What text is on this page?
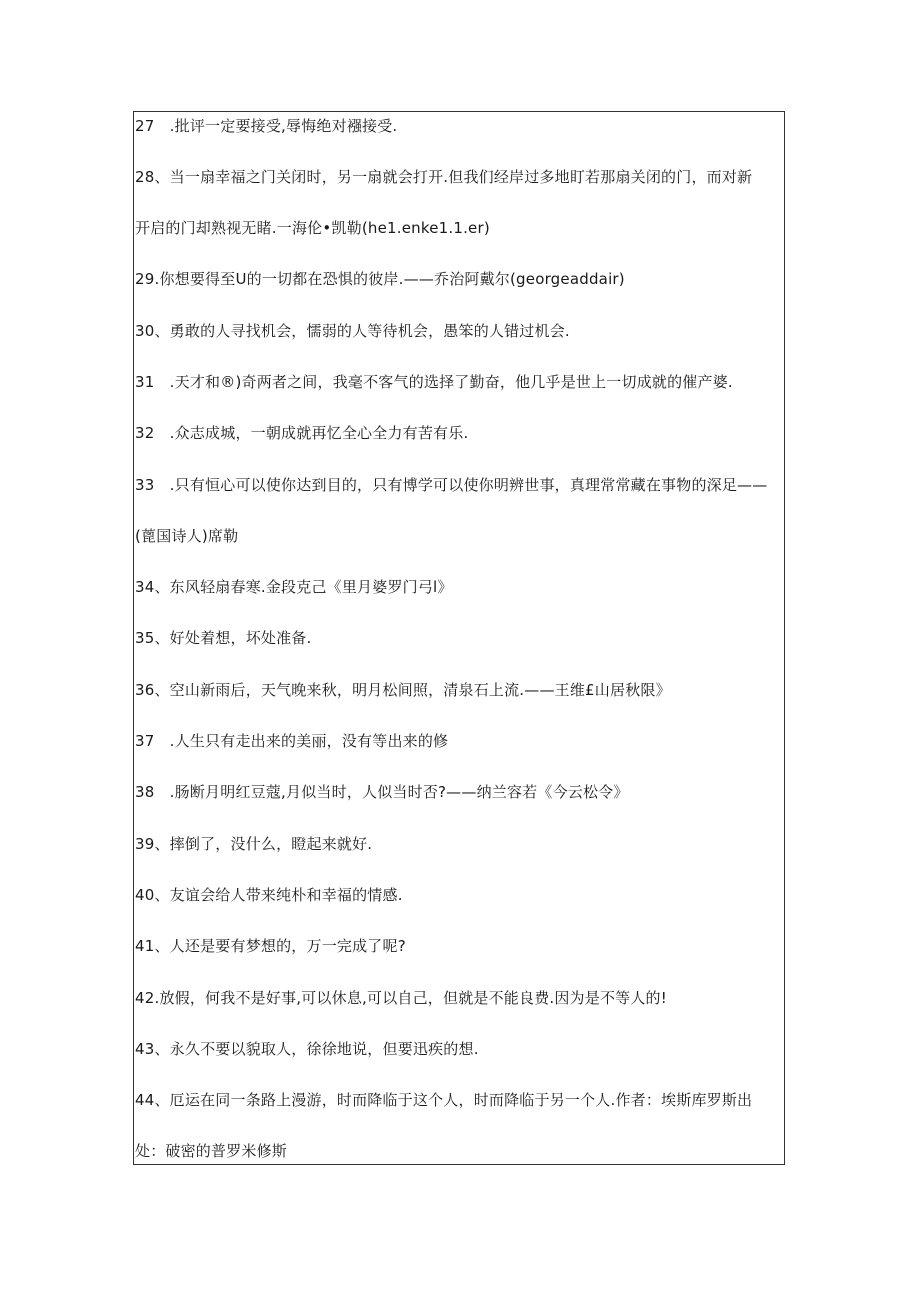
27　.批评一定要接受,辱悔绝对襁接受.
28、当一扇幸福之门关闭时，另一扇就会打开.但我们经岸过多地盯若那扇关闭的门，而对新
开启的门却熟视无睹.一海伦•凯勒(he1.enke1.1.er)
29.你想要得至U的一切都在恐惧的彼岸.——乔治阿戴尔(georgeaddair)
30、勇敢的人寻找机会，懦弱的人等待机会，愚笨的人错过机会.
31　.天才和®)奇两者之间，我毫不客气的选择了勤奋，他几乎是世上一切成就的催产婆.
32　.众志成城，一朝成就再忆全心全力有苦有乐.
33　.只有恒心可以使你达到目的，只有博学可以使你明辨世事，真理常常藏在事物的深足——
(蓖国诗人)席勒
34、东风轻扇春寒.金段克己《里月婆罗门弓l》
35、好处着想，坏处准备.
36、空山新雨后，天气晚来秋，明月松间照，清泉石上流.——王维£山居秋限》
37　.人生只有走出来的美丽，没有等出来的修
38　.肠断月明红豆蔻,月似当时，人似当时否?——纳兰容若《今云松令》
39、摔倒了，没什么，瞪起来就好.
40、友谊会给人带来纯朴和幸福的情感.
41、人还是要有梦想的，万一完成了呢?
42.放假，何我不是好事,可以休息,可以自己，但就是不能良费.因为是不等人的!
43、永久不要以貌取人，徐徐地说，但要迅疾的想.
44、厄运在同一条路上漫游，时而降临于这个人，时而降临于另一个人.作者：埃斯库罗斯出
处：破密的普罗米修斯
